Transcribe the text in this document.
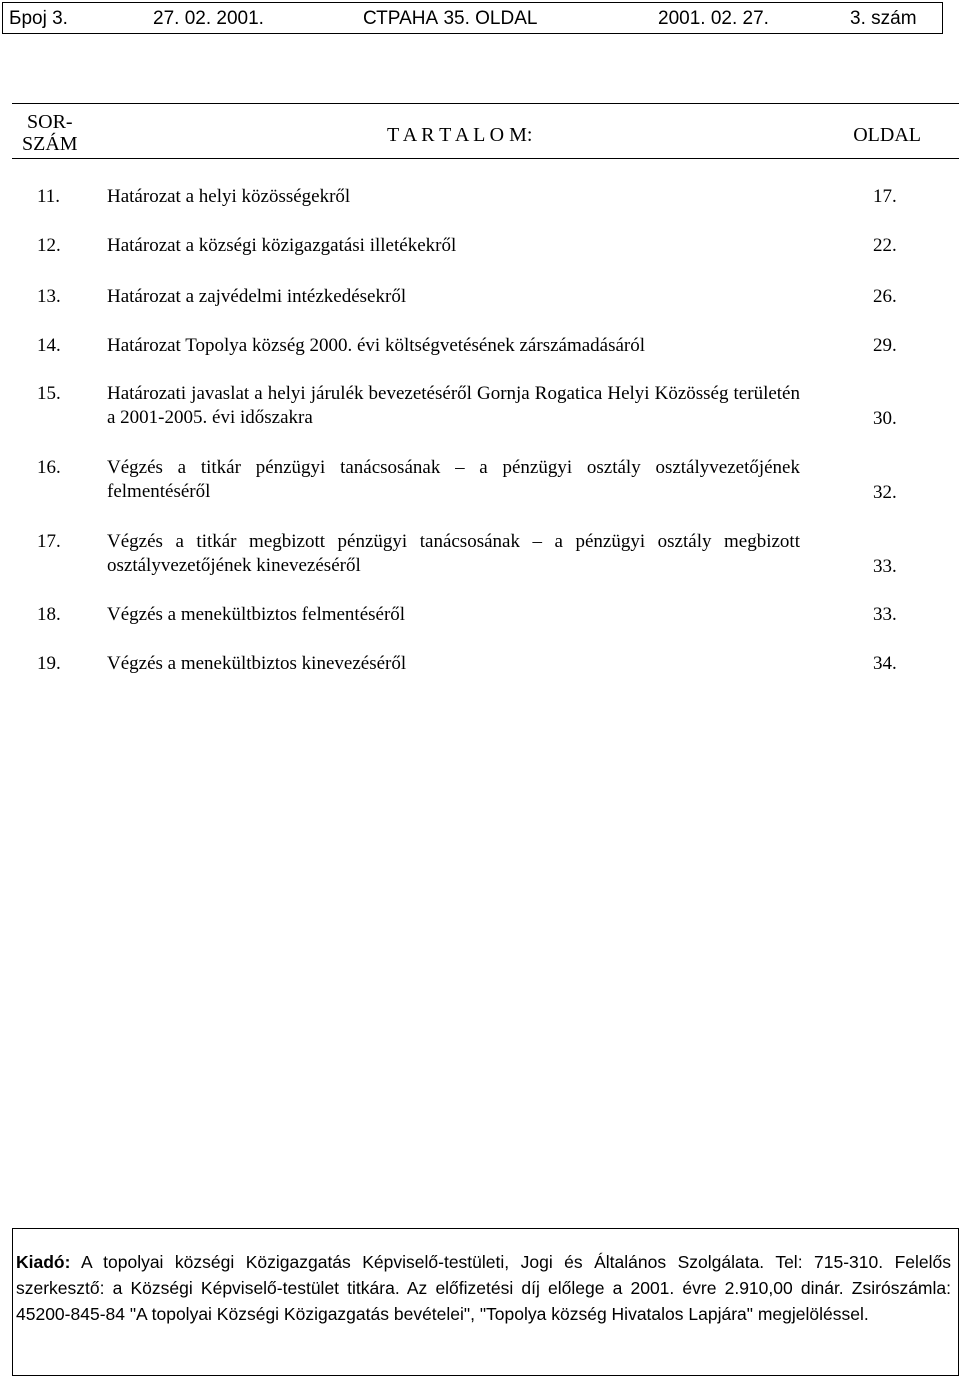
Број 3.	27. 02. 2001.	СТРАНА 35. OLDAL	2001. 02. 27.	3. szám
SOR-
SZÁM	T A R T A L O M:	OLDAL
11. Határozat a helyi közösségekről	17.
12. Határozat a községi közigazgatási illetékekről	22.
13. Határozat a zajvédelmi intézkedésekről	26.
14. Határozat Topolya község 2000. évi költségvetésének zárszámadásáról	29.
15. Határozati javaslat a helyi járulék bevezetéséről Gornja Rogatica Helyi Közösség területén a 2001-2005. évi időszakra	30.
16. Végzés a titkár pénzügyi tanácsosának – a pénzügyi osztály osztályvezetőjének felmentéséről	32.
17. Végzés a titkár megbizott pénzügyi tanácsosának – a pénzügyi osztály megbizott osztályvezetőjének kinevezéséről	33.
18. Végzés a menekültbiztos felmentéséről	33.
19. Végzés a menekültbiztos kinevezéséről	34.

Kiadó: A topolyai községi Közigazgatás Képviselő-testületi, Jogi és Általános Szolgálata. Tel: 715-310. Felelős szerkesztő: a Községi Képviselő-testület titkára. Az előfizetési díj előlege a 2001. évre 2.910,00 dinár. Zsirószámla: 45200-845-84 "A topolyai Községi Közigazgatás bevételei", "Topolya község Hivatalos Lapjára" megjelöléssel.
